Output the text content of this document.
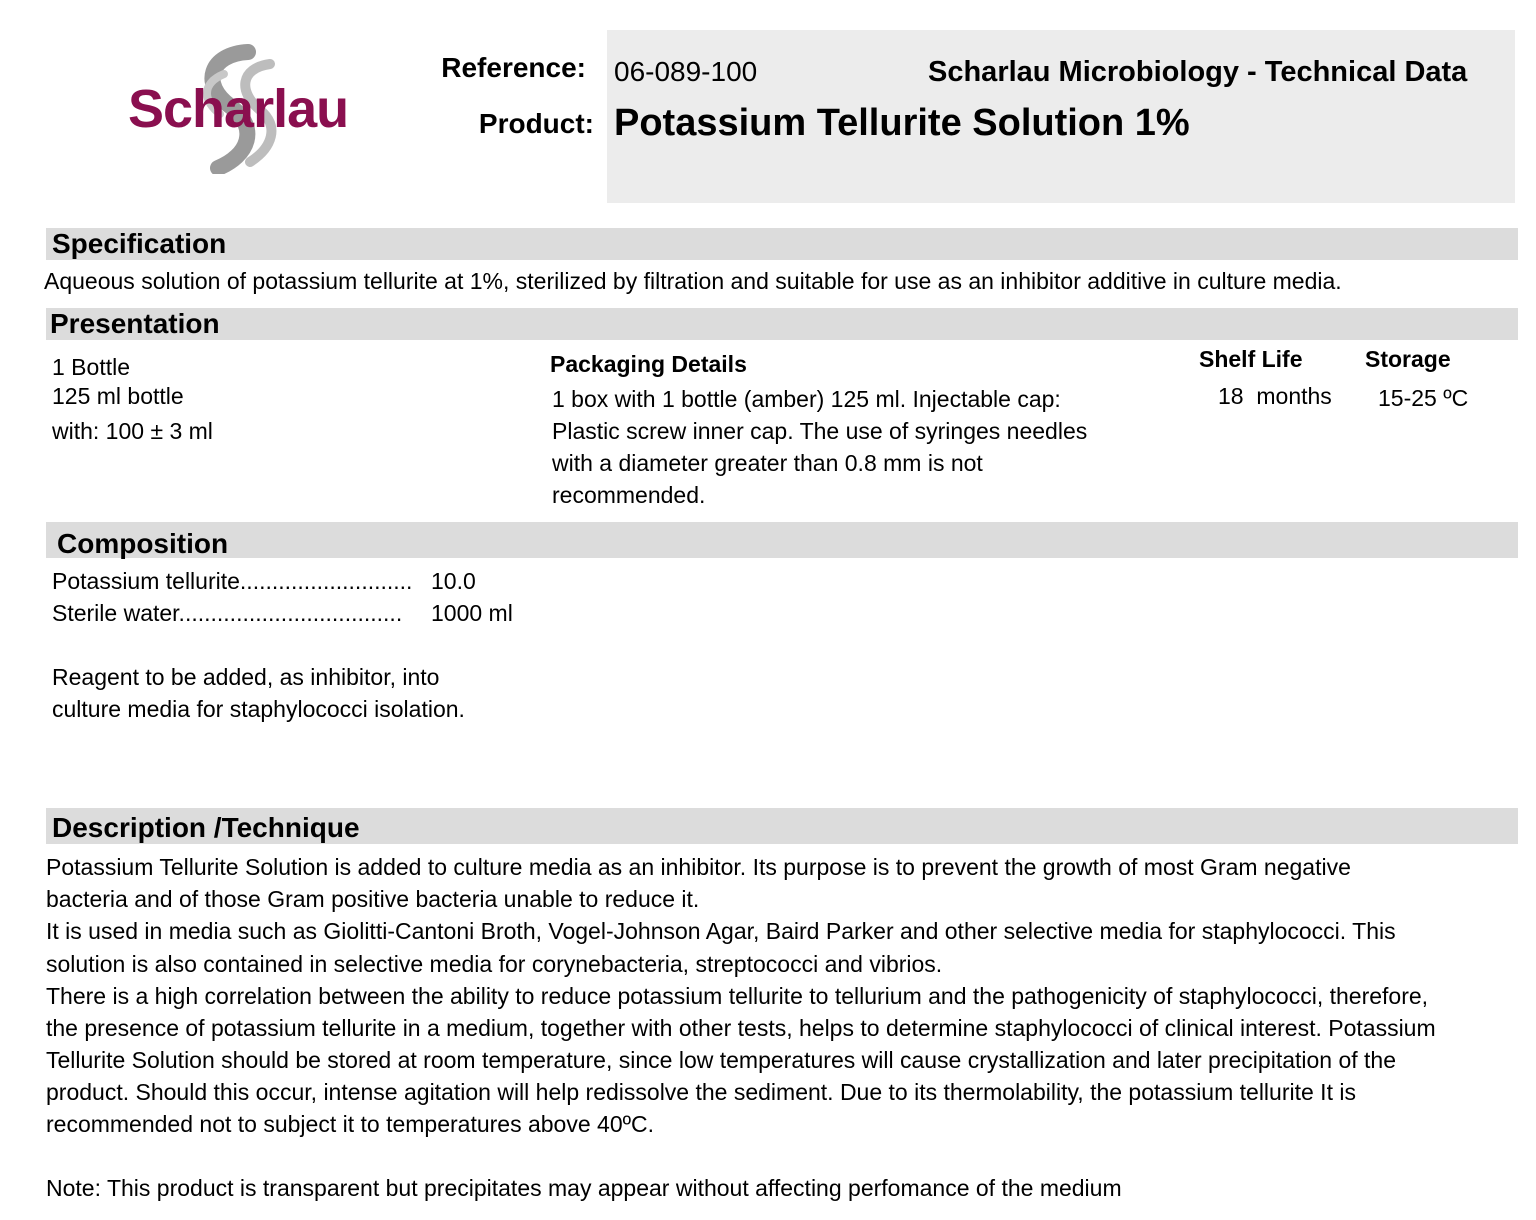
Scharlau
Reference: 06-089-100	Scharlau Microbiology - Technical Data
Product: Potassium Tellurite Solution 1%
Specification
Aqueous solution of potassium tellurite at 1%, sterilized by filtration and suitable for use as an inhibitor additive in culture media.
Presentation
1 Bottle
125 ml bottle
with: 100 ± 3 ml
Packaging Details
1 box with 1 bottle (amber) 125 ml. Injectable cap:
Plastic screw inner cap. The use of syringes needles
with a diameter greater than 0.8 mm is not
recommended.
Shelf Life
18  months
Storage
15-25 ºC
Composition
Potassium tellurite........................... 10.0
Sterile water................................... 1000 ml
Reagent to be added, as inhibitor, into
culture media for staphylococci isolation.
Description /Technique
Potassium Tellurite Solution is added to culture media as an inhibitor. Its purpose is to prevent the growth of most Gram negative
bacteria and of those Gram positive bacteria unable to reduce it.
It is used in media such as Giolitti-Cantoni Broth, Vogel-Johnson Agar, Baird Parker and other selective media for staphylococci. This
solution is also contained in selective media for corynebacteria, streptococci and vibrios.
There is a high correlation between the ability to reduce potassium tellurite to tellurium and the pathogenicity of staphylococci, therefore,
the presence of potassium tellurite in a medium, together with other tests, helps to determine staphylococci of clinical interest. Potassium
Tellurite Solution should be stored at room temperature, since low temperatures will cause crystallization and later precipitation of the
product. Should this occur, intense agitation will help redissolve the sediment. Due to its thermolability, the potassium tellurite It is
recommended not to subject it to temperatures above 40ºC.
Note: This product is transparent but precipitates may appear without affecting perfomance of the medium
